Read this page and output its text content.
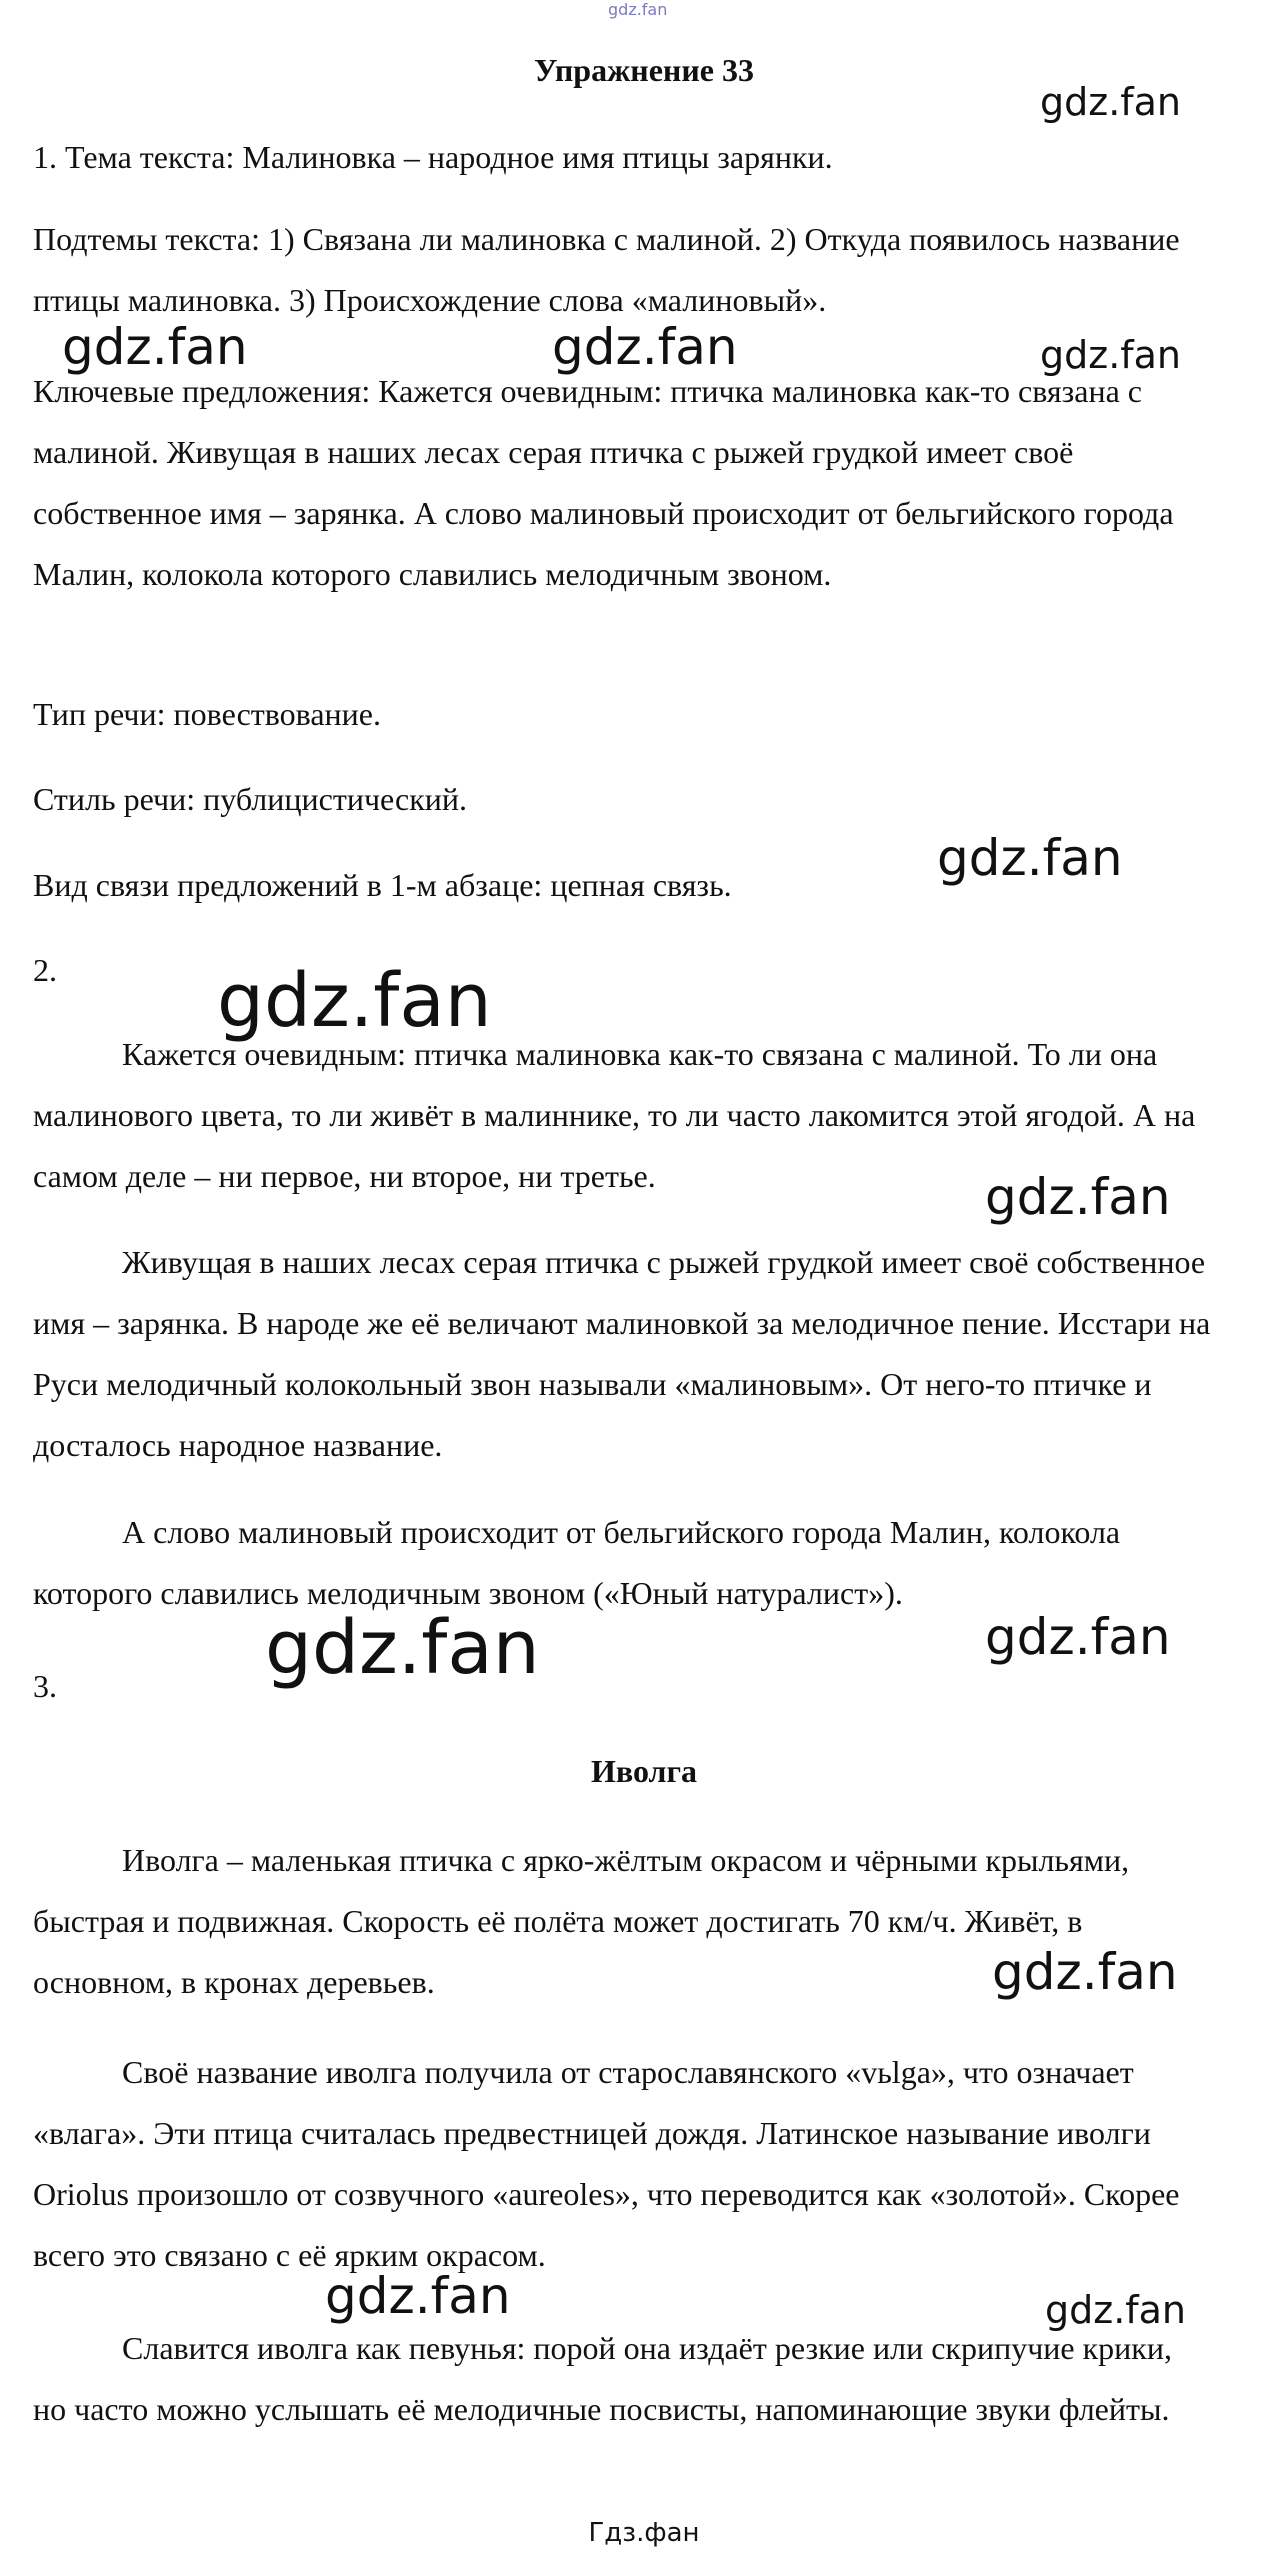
gdz.fan
Упражнение 33

1. Тема текста: Малиновка – народное имя птицы зарянки.

Подтемы текста: 1) Связана ли малиновка с малиной. 2) Откуда появилось название птицы малиновка. 3) Происхождение слова «малиновый».

Ключевые предложения: Кажется очевидным: птичка малиновка как-то связана с малиной. Живущая в наших лесах серая птичка с рыжей грудкой имеет своё собственное имя – зарянка. А слово малиновый происходит от бельгийского города Малин, колокола которого славились мелодичным звоном.

Тип речи: повествование.

Стиль речи: публицистический.

Вид связи предложений в 1-м абзаце: цепная связь.

2.

Кажется очевидным: птичка малиновка как-то связана с малиной. То ли она малинового цвета, то ли живёт в малиннике, то ли часто лакомится этой ягодой. А на самом деле – ни первое, ни второе, ни третье.

Живущая в наших лесах серая птичка с рыжей грудкой имеет своё собственное имя – зарянка. В народе же её величают малиновкой за мелодичное пение. Исстари на Руси мелодичный колокольный звон называли «малиновым». От него-то птичке и досталось народное название.

А слово малиновый происходит от бельгийского города Малин, колокола которого славились мелодичным звоном («Юный натуралист»).

3.

Иволга

Иволга – маленькая птичка с ярко-жёлтым окрасом и чёрными крыльями, быстрая и подвижная. Скорость её полёта может достигать 70 км/ч. Живёт, в основном, в кронах деревьев.

Своё название иволга получила от старославянского «vьlga», что означает «влага». Эти птица считалась предвестницей дождя. Латинское называние иволги Oriolus произошло от созвучного «aureoles», что переводится как «золотой». Скорее всего это связано с её ярким окрасом.

Славится иволга как певунья: порой она издаёт резкие или скрипучие крики, но часто можно услышать её мелодичные посвисты, напоминающие звуки флейты.

gdz.fan
gdz.fan	gdz.fan	gdz.fan
gdz.fan
gdz.fan
gdz.fan
gdz.fan	gdz.fan
gdz.fan
gdz.fan	gdz.fan
Гдз.фан
